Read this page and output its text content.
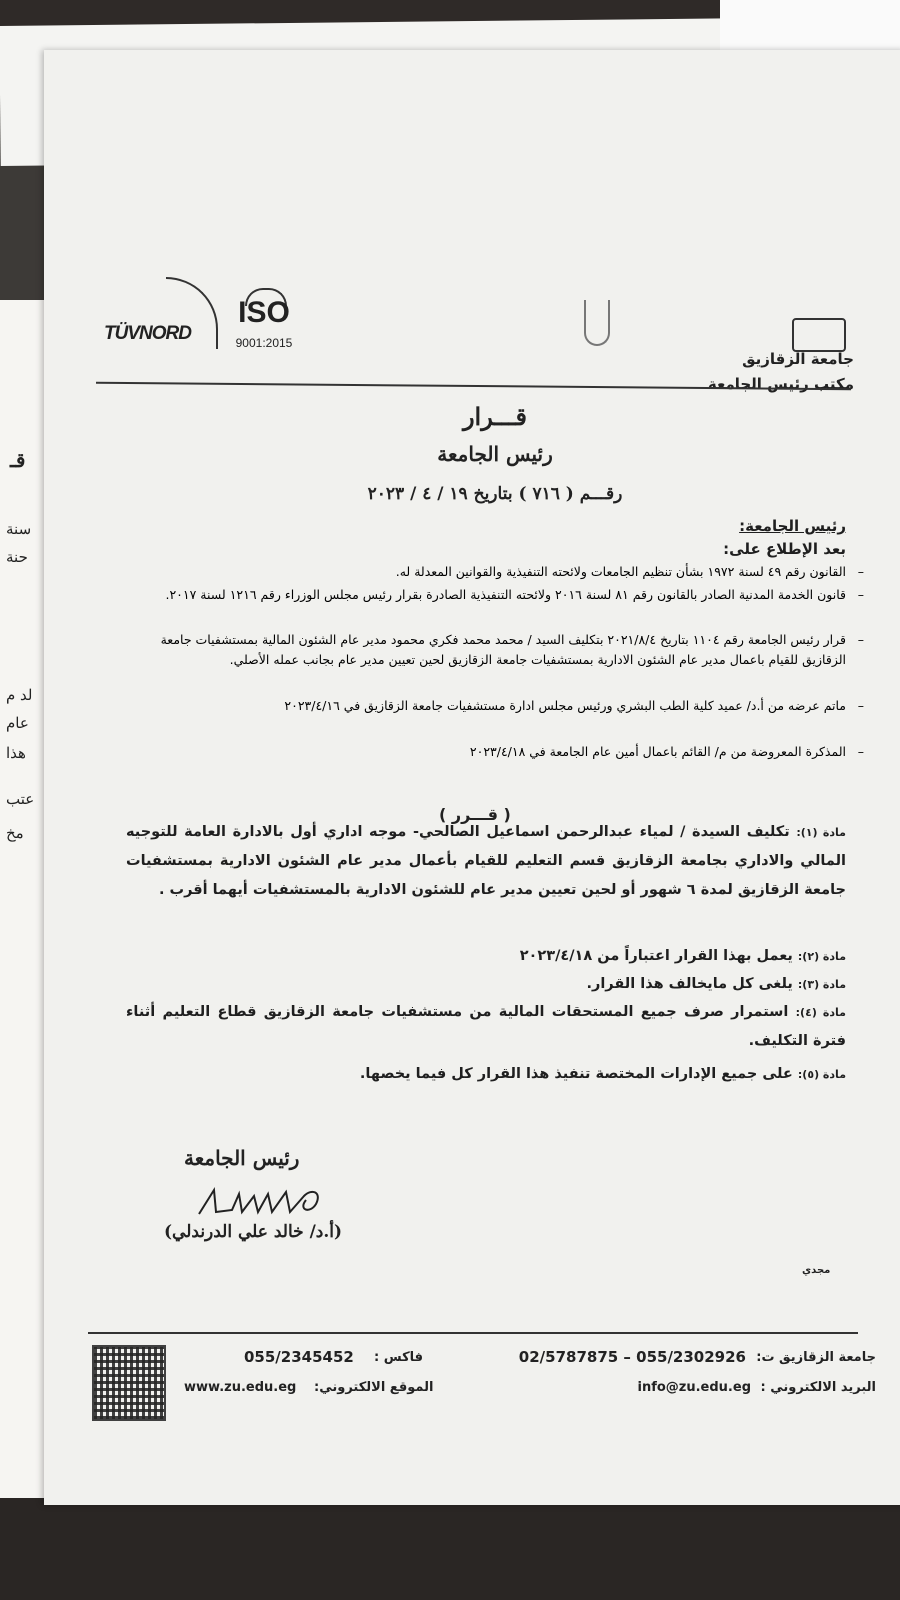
قـ
سنة
حنة
لد م
عام
هذا
عتب
مخ
TÜVNORD
ISO
9001:2015
جامعة الزقازيق
مكتب رئيس الجامعة
قـــرار
رئيس الجامعة
رقـــم ( ٧١٦ ) بتاريخ ١٩ / ٤ / ٢٠٢٣
رئيس الجامعة:
بعد الإطلاع على:
–
القانون رقم ٤٩ لسنة ١٩٧٢ بشأن تنظيم الجامعات ولائحته التنفيذية والقوانين المعدلة له.
–
قانون الخدمة المدنية الصادر بالقانون رقم ٨١ لسنة ٢٠١٦ ولائحته التنفيذية الصادرة بقرار رئيس مجلس الوزراء رقم ١٢١٦ لسنة ٢٠١٧.
–
قرار رئيس الجامعة رقم ١١٠٤ بتاريخ ٢٠٢١/٨/٤ بتكليف السيد / محمد محمد فكري محمود مدير عام الشئون المالية بمستشفيات جامعة الزقازيق للقيام باعمال مدير عام الشئون الادارية بمستشفيات جامعة الزقازيق لحين تعيين مدير عام بجانب عمله الأصلي.
–
ماتم عرضه من أ.د/ عميد كلية الطب البشري ورئيس مجلس ادارة مستشفيات جامعة الزقازيق في ٢٠٢٣/٤/١٦
–
المذكرة المعروضة من م/ القائم باعمال أمين عام الجامعة في ٢٠٢٣/٤/١٨
( قـــرر )
مادة (١): تكليف السيدة / لمياء عبدالرحمن اسماعيل الصالحي- موجه اداري أول بالادارة العامة للتوجيه المالي والاداري بجامعة الزقازيق قسم التعليم للقيام بأعمال مدير عام الشئون الادارية بمستشفيات جامعة الزقازيق لمدة ٦ شهور أو لحين تعيين مدير عام للشئون الادارية بالمستشفيات أيهما أقرب .
مادة (٢): يعمل بهذا القرار اعتباراً من ٢٠٢٣/٤/١٨
مادة (٣): يلغى كل مايخالف هذا القرار.
مادة (٤): استمرار صرف جميع المستحقات المالية من مستشفيات جامعة الزقازيق قطاع التعليم أثناء فترة التكليف.
مادة (٥): على جميع الإدارات المختصة تنفيذ هذا القرار كل فيما يخصها.
رئيس الجامعة
(أ.د/ خالد علي الدرندلي)
مجدي
جامعة الزقازيق ت:
02/5787875 – 055/2302926
فاكس :
055/2345452
البريد الالكتروني :
info@zu.edu.eg
الموقع الالكتروني:
www.zu.edu.eg
